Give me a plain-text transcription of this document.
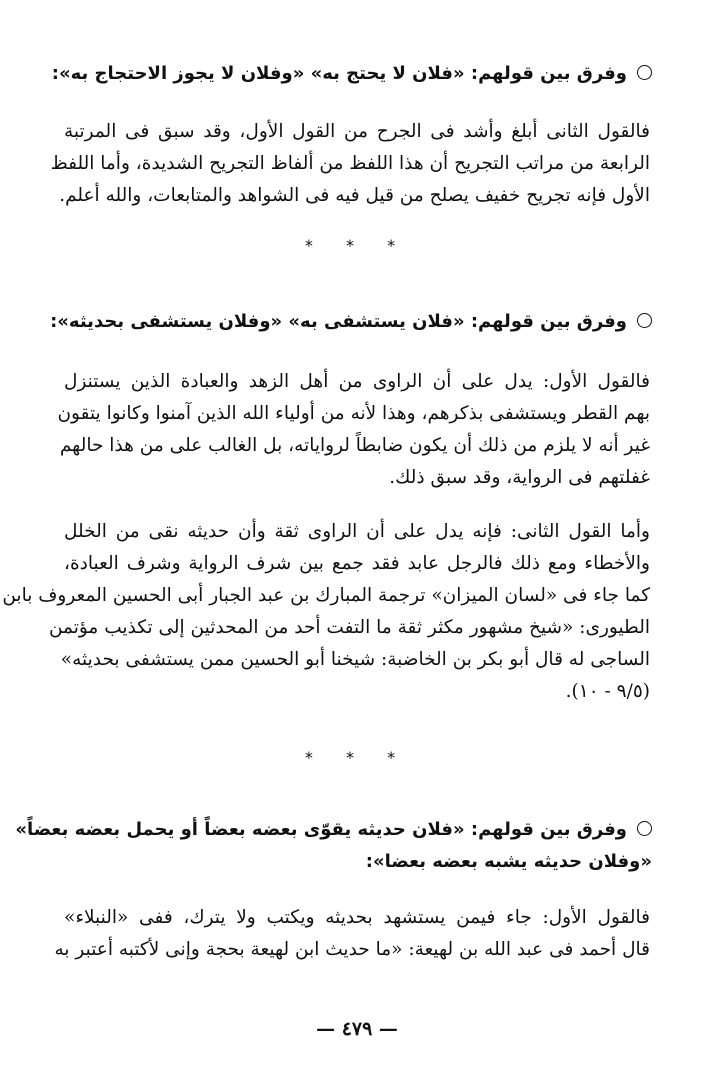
وفرق بين قولهم: «فلان لا يحتج به» «وفلان لا يجوز الاحتجاج به»:
فالقول الثانى أبلغ وأشد فى الجرح من القول الأول، وقد سبق فى المرتبة
الرابعة من مراتب التجريح أن هذا اللفظ من ألفاظ التجريح الشديدة، وأما اللفظ
الأول فإنه تجريح خفيف يصلح من قيل فيه فى الشواهد والمتابعات، والله أعلم.
* * *
وفرق بين قولهم: «فلان يستشفى به» «وفلان يستشفى بحديثه»:
فالقول الأول: يدل على أن الراوى من أهل الزهد والعبادة الذين يستنزل
بهم القطر ويستشفى بذكرهم، وهذا لأنه من أولياء الله الذين آمنوا وكانوا يتقون
غير أنه لا يلزم من ذلك أن يكون ضابطاً لرواياته، بل الغالب على من هذا حالهم
غفلتهم فى الرواية، وقد سبق ذلك.
وأما القول الثانى: فإنه يدل على أن الراوى ثقة وأن حديثه نقى من الخلل
والأخطاء ومع ذلك فالرجل عابد فقد جمع بين شرف الرواية وشرف العبادة،
كما جاء فى «لسان الميزان» ترجمة المبارك بن عبد الجبار أبى الحسين المعروف بابن
الطيورى: «شيخ مشهور مكثر ثقة ما التفت أحد من المحدثين إلى تكذيب مؤتمن
الساجى له قال أبو بكر بن الخاضبة: شيخنا أبو الحسين ممن يستشفى بحديثه»
(٩/٥ - ١٠).
* * *
وفرق بين قولهم: «فلان حديثه يقوّى بعضه بعضاً أو يحمل بعضه بعضاً»
«وفلان حديثه يشبه بعضه بعضا»:
فالقول الأول: جاء فيمن يستشهد بحديثه ويكتب ولا يترك، ففى «النبلاء»
قال أحمد فى عبد الله بن لهيعة: «ما حديث ابن لهيعة بحجة وإنى لأكتبه أعتبر به
— ٤٧٩ —
